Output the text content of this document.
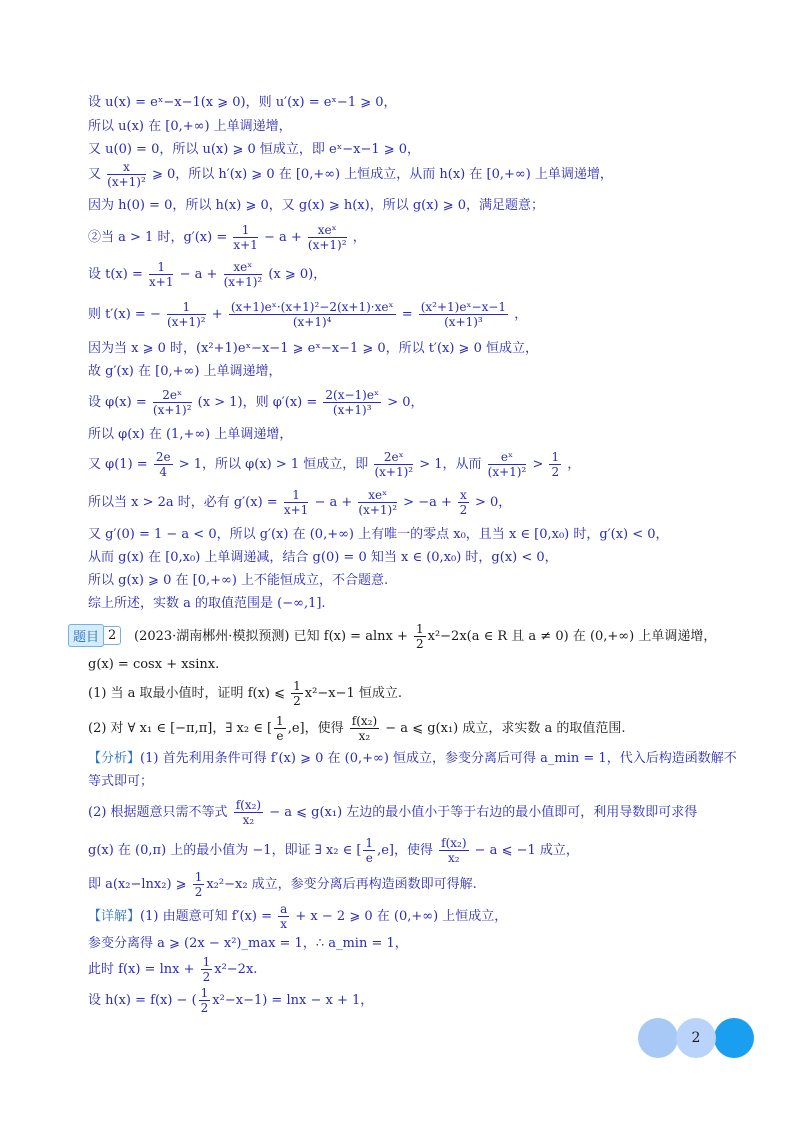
设 u(x) = eˣ−x−1(x ⩾ 0)，则 u′(x) = eˣ−1 ⩾ 0，
所以 u(x) 在 [0,+∞) 上单调递增，
又 u(0) = 0，所以 u(x) ⩾ 0 恒成立，即 eˣ−x−1 ⩾ 0，
又 $\frac{x}{\text{(x+1)²}}$ ⩾ 0，所以 h′(x) ⩾ 0 在 [0,+∞) 上恒成立，从而 h(x) 在 [0,+∞) 上单调递增，
因为 h(0) = 0，所以 h(x) ⩾ 0，又 g(x) ⩾ h(x)，所以 g(x) ⩾ 0，满足题意；
②当 a > 1 时，$g'(x) = \frac{1}{x+1} - a + \frac{\text{xeˣ}}{\text{(x+1)²}}$ ，
设 $t(x) = \frac{1}{x+1} - a + \frac{\text{xeˣ}}{\text{(x+1)²}} (x$ ⩾ 0)，
则 t′(x) = − $\frac{1}{\text{(x+1)²}} + \frac{\text{(x+1)eˣ·(x+1)²−2(x+1)·xeˣ}}{\text{(x+1)⁴}} = \frac{\text{(x²+1)eˣ−x−1}}{\text{(x+1)³}}$ ，
因为当 x ⩾ 0 时，(x²+1)eˣ−x−1 ⩾ eˣ−x−1 ⩾ 0，所以 t′(x) ⩾ 0 恒成立，
故 g′(x) 在 [0,+∞) 上单调递增，
设 $\varphi(x) = \frac{\text{2eˣ}}{\text{(x+1)²}} (x > 1)$，则 $\varphi'(x) = \frac{\text{2(x−1)eˣ}}{\text{(x+1)³}} > 0$，
所以 φ(x) 在 (1,+∞) 上单调递增，
又 $\varphi(1) = \frac{2e}{4} > 1$，所以 φ(x) > 1 恒成立，即 $\frac{\text{2eˣ}}{\text{(x+1)²}} > 1$，从而 $\frac{\text{eˣ}}{\text{(x+1)²}} > \frac{1}{2}$ ，
所以当 x > 2a 时，必有 $g'(x) = \frac{1}{x+1} - a + \frac{\text{xeˣ}}{\text{(x+1)²}} > -a + \frac{x}{2} > 0$，
又 g′(0) = 1 − a < 0，所以 g′(x) 在 (0,+∞) 上有唯一的零点 x₀，且当 x ∈ [0,x₀) 时，g′(x) < 0，
从而 g(x) 在 [0,x₀) 上单调递减，结合 g(0) = 0 知当 x ∈ (0,x₀) 时，g(x) < 0，
所以 g(x) ⩾ 0 在 [0,+∞) 上不能恒成立，不合题意.
综上所述，实数 a 的取值范围是 (−∞,1].
题目 2	(2023·湖南郴州·模拟预测) 已知 $f(x) = alnx + \frac{1}{2} x^2-2x(a$ ∈ R 且 a ≠ 0) 在 (0,+∞) 上单调递增，
g(x) = cosx + xsinx.
(1) 当 a 取最小值时，证明 f(x) ⩽ $\frac{1}{2} x^2-x-1$ 恒成立.
(2) 对 ∀ x₁ ∈ [−π,π]，∃ x₂ ∈ [ $\frac{1}{e} ,e$]，使得 $\frac{\text{f(x₂)}}{\text{x₂}} - a$ ⩽ g(x₁) 成立，求实数 a 的取值范围.
【分析】(1) 首先利用条件可得 f′(x) ⩾ 0 在 (0,+∞) 恒成立，参变分离后可得 a_min = 1，代入后构造函数解不
等式即可；
(2) 根据题意只需不等式 $\frac{\text{f(x₂)}}{\text{x₂}} - a$ ⩽ g(x₁) 左边的最小值小于等于右边的最小值即可，利用导数即可求得
g(x) 在 (0,π) 上的最小值为 −1，即证 ∃ x₂ ∈ [ $\frac{1}{e} ,e$]，使得 $\frac{\text{f(x₂)}}{\text{x₂}} - a$ ⩽ −1 成立，
即 a(x₂−lnx₂) ⩾ $\frac{1}{2} x_2^2-x_2$ 成立，参变分离后再构造函数即可得解.
【详解】(1) 由题意可知 $f'(x) = \frac{a}{x} + x - 2$ ⩾ 0 在 (0,+∞) 上恒成立，
参变分离得 a ⩾ (2x − x²)_max = 1，∴ a_min = 1，
此时 $f(x) = \ln x + \frac{1}{2} x^2-2x$.
设 h(x) = f(x) − ( $\frac{1}{2} x^2-x-1) = \ln x - x + 1$，
2
